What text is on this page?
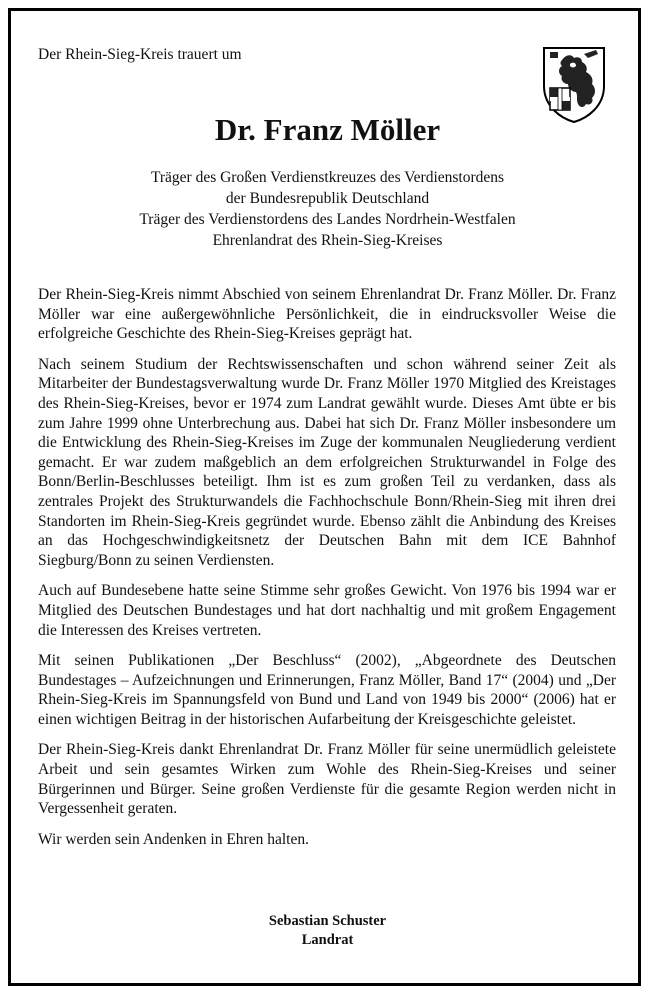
Der Rhein-Sieg-Kreis trauert um
Dr. Franz Möller
Träger des Großen Verdienstkreuzes des Verdienstordens
der Bundesrepublik Deutschland
Träger des Verdienstordens des Landes Nordrhein-Westfalen
Ehrenlandrat des Rhein-Sieg-Kreises

Der Rhein-Sieg-Kreis nimmt Abschied von seinem Ehrenlandrat Dr. Franz Möller. Dr. Franz Möller war eine außergewöhnliche Persönlichkeit, die in eindrucksvoller Weise die erfolgreiche Geschichte des Rhein-Sieg-Kreises geprägt hat.

Nach seinem Studium der Rechtswissenschaften und schon während seiner Zeit als Mitarbeiter der Bundestagsverwaltung wurde Dr. Franz Möller 1970 Mitglied des Kreistages des Rhein-Sieg-Kreises, bevor er 1974 zum Landrat gewählt wurde. Dieses Amt übte er bis zum Jahre 1999 ohne Unterbrechung aus. Dabei hat sich Dr. Franz Möller insbesondere um die Entwicklung des Rhein-Sieg-Kreises im Zuge der kommunalen Neugliederung verdient gemacht. Er war zudem maßgeblich an dem erfolgreichen Strukturwandel in Folge des Bonn/Berlin-Beschlusses beteiligt. Ihm ist es zum großen Teil zu verdanken, dass als zentrales Projekt des Strukturwandels die Fachhochschule Bonn/Rhein-Sieg mit ihren drei Standorten im Rhein-Sieg-Kreis gegründet wurde. Ebenso zählt die Anbindung des Kreises an das Hochgeschwindigkeitsnetz der Deutschen Bahn mit dem ICE Bahnhof Siegburg/Bonn zu seinen Verdiensten.

Auch auf Bundesebene hatte seine Stimme sehr großes Gewicht. Von 1976 bis 1994 war er Mitglied des Deutschen Bundestages und hat dort nachhaltig und mit großem Engagement die Interessen des Kreises vertreten.

Mit seinen Publikationen „Der Beschluss“ (2002), „Abgeordnete des Deutschen Bundestages – Aufzeichnungen und Erinnerungen, Franz Möller, Band 17“ (2004) und „Der Rhein-Sieg-Kreis im Spannungsfeld von Bund und Land von 1949 bis 2000“ (2006) hat er einen wichtigen Beitrag in der historischen Aufarbeitung der Kreisgeschichte geleistet.

Der Rhein-Sieg-Kreis dankt Ehrenlandrat Dr. Franz Möller für seine unermüdlich geleistete Arbeit und sein gesamtes Wirken zum Wohle des Rhein-Sieg-Kreises und seiner Bürgerinnen und Bürger. Seine großen Verdienste für die gesamte Region werden nicht in Vergessenheit geraten.

Wir werden sein Andenken in Ehren halten.

Sebastian Schuster
Landrat
